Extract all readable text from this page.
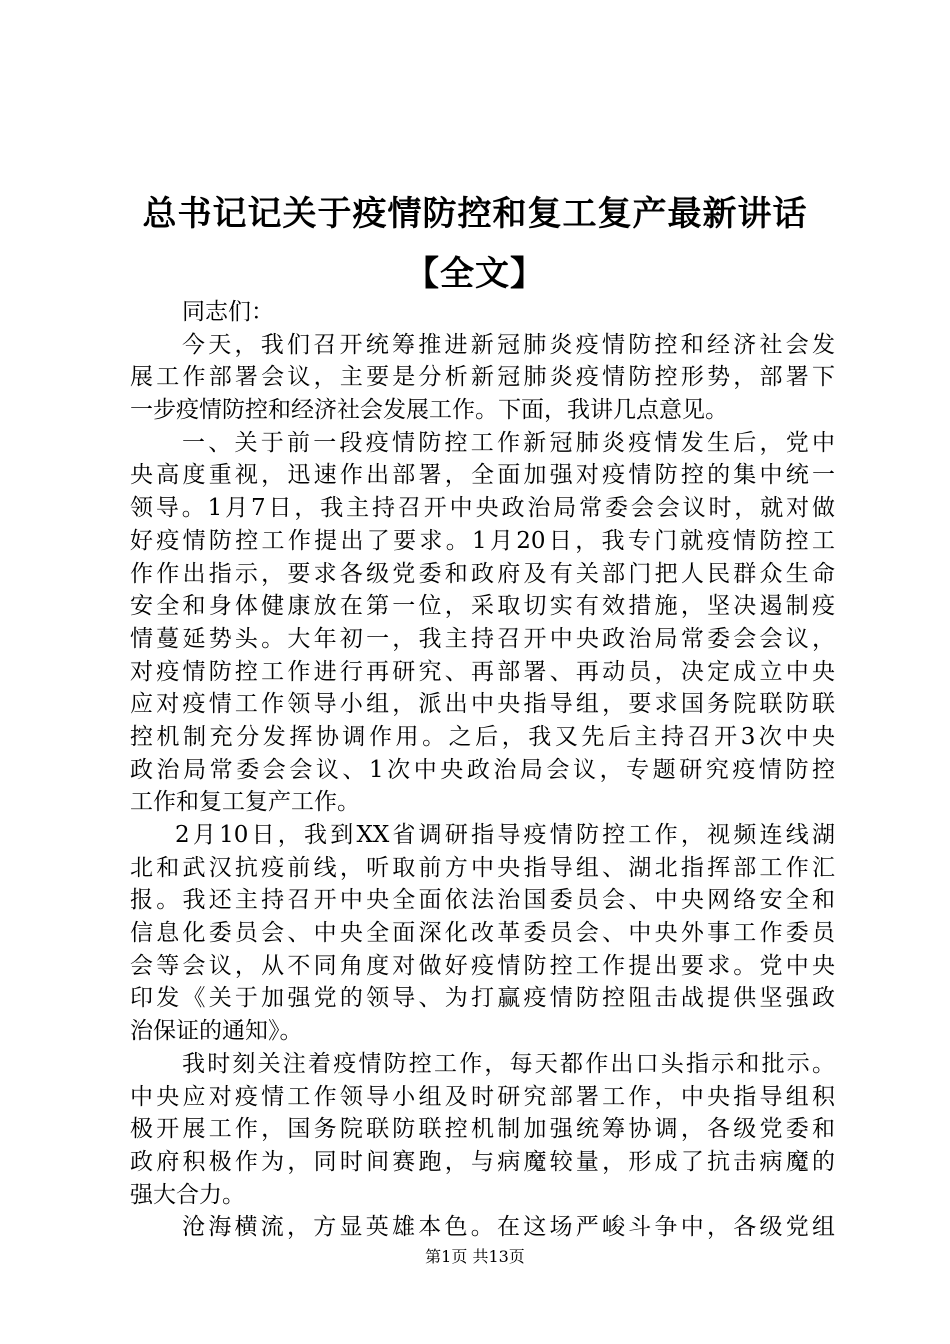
总书记记关于疫情防控和复工复产最新讲话
【全文】
同志们：
今天，我们召开统筹推进新冠肺炎疫情防控和经济社会发
展工作部署会议，主要是分析新冠肺炎疫情防控形势，部署下
一步疫情防控和经济社会发展工作。下面，我讲几点意见。
一、关于前一段疫情防控工作新冠肺炎疫情发生后，党中
央高度重视，迅速作出部署，全面加强对疫情防控的集中统一
领导。1月7日，我主持召开中央政治局常委会会议时，就对做
好疫情防控工作提出了要求。1月20日，我专门就疫情防控工
作作出指示，要求各级党委和政府及有关部门把人民群众生命
安全和身体健康放在第一位，采取切实有效措施，坚决遏制疫
情蔓延势头。大年初一，我主持召开中央政治局常委会会议，
对疫情防控工作进行再研究、再部署、再动员，决定成立中央
应对疫情工作领导小组，派出中央指导组，要求国务院联防联
控机制充分发挥协调作用。之后，我又先后主持召开3次中央
政治局常委会会议、1次中央政治局会议，专题研究疫情防控
工作和复工复产工作。
2月10日，我到XX省调研指导疫情防控工作，视频连线湖
北和武汉抗疫前线，听取前方中央指导组、湖北指挥部工作汇
报。我还主持召开中央全面依法治国委员会、中央网络安全和
信息化委员会、中央全面深化改革委员会、中央外事工作委员
会等会议，从不同角度对做好疫情防控工作提出要求。党中央
印发《关于加强党的领导、为打赢疫情防控阻击战提供坚强政
治保证的通知》。
我时刻关注着疫情防控工作，每天都作出口头指示和批示。
中央应对疫情工作领导小组及时研究部署工作，中央指导组积
极开展工作，国务院联防联控机制加强统筹协调，各级党委和
政府积极作为，同时间赛跑，与病魔较量，形成了抗击病魔的
强大合力。
沧海横流，方显英雄本色。在这场严峻斗争中，各级党组
第1页 共13页
